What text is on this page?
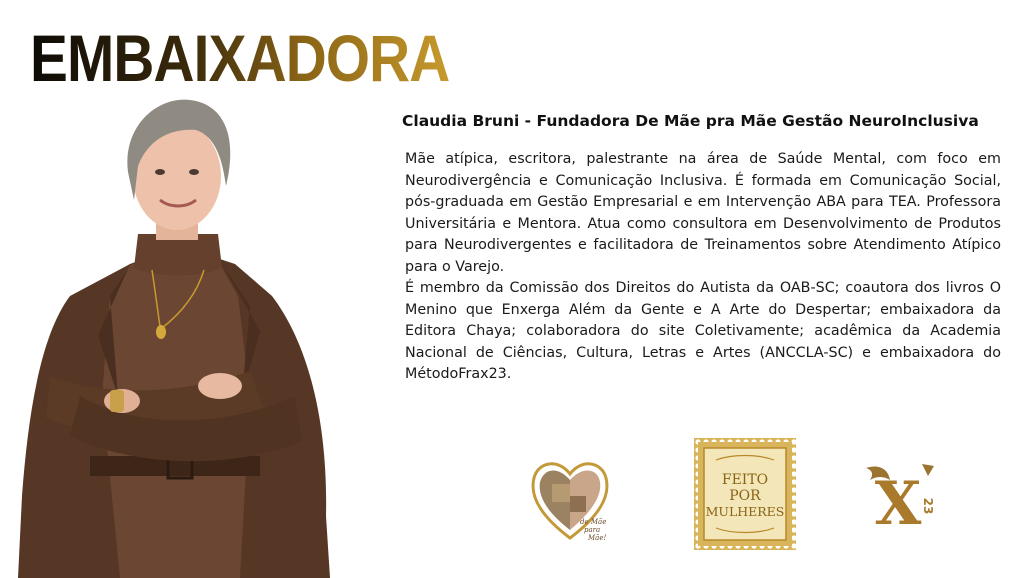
EMBAIXADORA
Claudia Bruni - Fundadora De Mãe pra Mãe Gestão NeuroInclusiva

Mãe atípica, escritora, palestrante na área de Saúde Mental, com foco em Neurodivergência e Comunicação Inclusiva. É formada em Comunicação Social, pós-graduada em Gestão Empresarial e em Intervenção ABA para TEA. Professora Universitária e Mentora. Atua como consultora em Desenvolvimento de Produtos para Neurodivergentes e facilitadora de Treinamentos sobre Atendimento Atípico para o Varejo.

É membro da Comissão dos Direitos do Autista da OAB-SC; coautora dos livros O Menino que Enxerga Além da Gente e A Arte do Despertar; embaixadora da Editora Chaya; colaboradora do site Coletivamente; acadêmica da Academia Nacional de Ciências, Cultura, Letras e Artes (ANCCLA-SC) e embaixadora do MétodoFrax23.

de Mãe
para
Mãe!
FEITO
POR
MULHERES X 23
